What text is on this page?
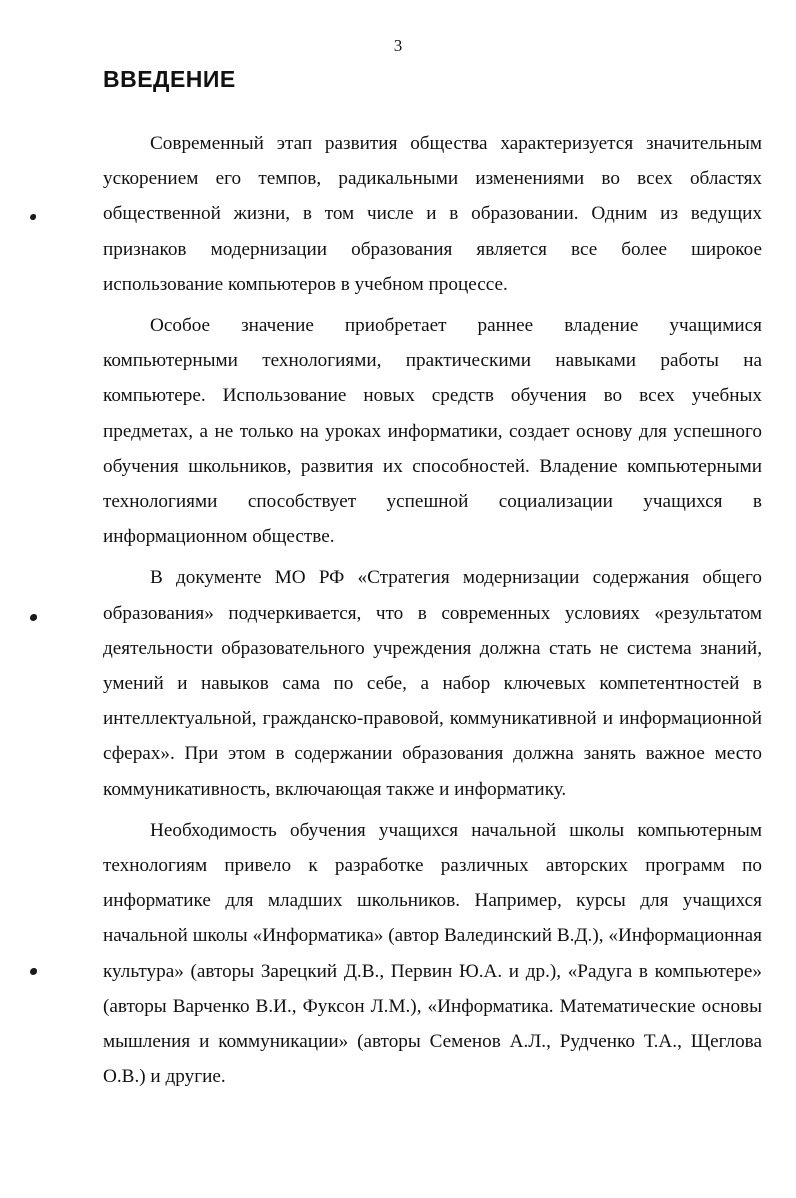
3
ВВЕДЕНИЕ

Современный этап развития общества характеризуется значительным ускорением его темпов, радикальными изменениями во всех областях общественной жизни, в том числе и в образовании. Одним из ведущих признаков модернизации образования является все более широкое использование компьютеров в учебном процессе.

Особое значение приобретает раннее владение учащимися компьютерными технологиями, практическими навыками работы на компьютере. Использование новых средств обучения во всех учебных предметах, а не только на уроках информатики, создает основу для успешного обучения школьников, развития их способностей. Владение компьютерными технологиями способствует успешной социализации учащихся в информационном обществе.

В документе МО РФ «Стратегия модернизации содержания общего образования» подчеркивается, что в современных условиях «результатом деятельности образовательного учреждения должна стать не система знаний, умений и навыков сама по себе, а набор ключевых компетентностей в интеллектуальной, гражданско-правовой, коммуникативной и информационной сферах». При этом в содержании образования должна занять важное место коммуникативность, включающая также и информатику.

Необходимость обучения учащихся начальной школы компьютерным технологиям привело к разработке различных авторских программ по информатике для младших школьников. Например, курсы для учащихся начальной школы «Информатика» (автор Валединский В.Д.), «Информационная культура» (авторы Зарецкий Д.В., Первин Ю.А. и др.), «Радуга в компьютере» (авторы Варченко В.И., Фуксон Л.М.), «Информатика. Математические основы мышления и коммуникации» (авторы Семенов А.Л., Рудченко Т.А., Щеглова О.В.) и другие.
